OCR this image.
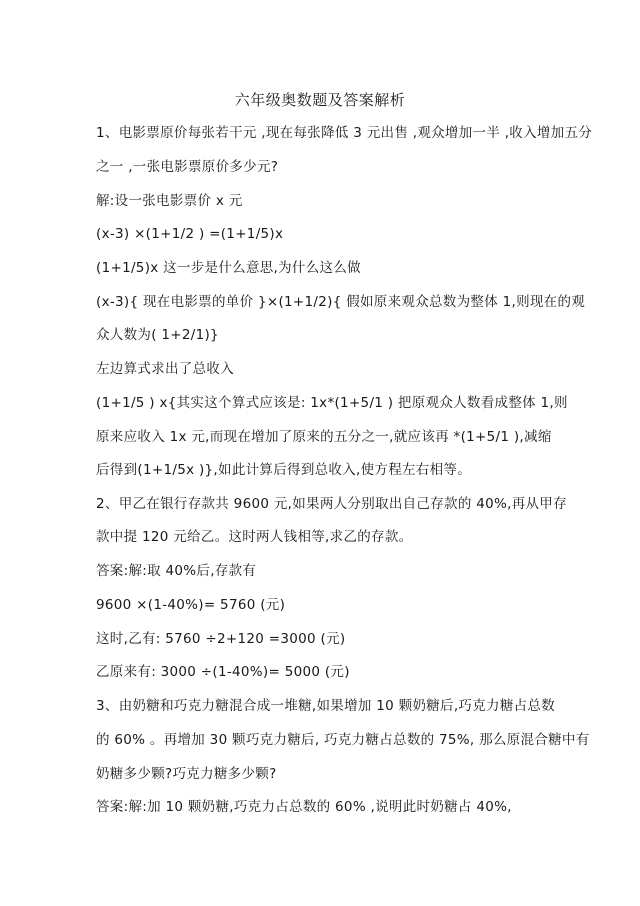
六年级奥数题及答案解析
1、电影票原价每张若干元 ,现在每张降低 3 元出售 ,观众增加一半 ,收入增加五分
之一 ,一张电影票原价多少元?
解:设一张电影票价 x 元
(x-3) ×(1+1/2 ) =(1+1/5)x
(1+1/5)x 这一步是什么意思,为什么这么做
(x-3){ 现在电影票的单价 }×(1+1/2){ 假如原来观众总数为整体 1,则现在的观
众人数为( 1+2/1)}
左边算式求出了总收入
(1+1/5 ) x{其实这个算式应该是: 1x*(1+5/1 ) 把原观众人数看成整体 1,则
原来应收入 1x 元,而现在增加了原来的五分之一,就应该再 *(1+5/1 ),减缩
后得到(1+1/5x )},如此计算后得到总收入,使方程左右相等。
2、甲乙在银行存款共 9600 元,如果两人分别取出自己存款的 40%,再从甲存
款中提 120 元给乙。这时两人钱相等,求乙的存款。
答案:解:取 40%后,存款有
9600 ×(1-40%)= 5760 (元)
这时,乙有: 5760 ÷2+120 =3000 (元)
乙原来有: 3000 ÷(1-40%)= 5000 (元)
3、由奶糖和巧克力糖混合成一堆糖,如果增加 10 颗奶糖后,巧克力糖占总数
的 60% 。再增加 30 颗巧克力糖后, 巧克力糖占总数的 75%, 那么原混合糖中有
奶糖多少颗?巧克力糖多少颗?
答案:解:加 10 颗奶糖,巧克力占总数的 60% ,说明此时奶糖占 40%,
